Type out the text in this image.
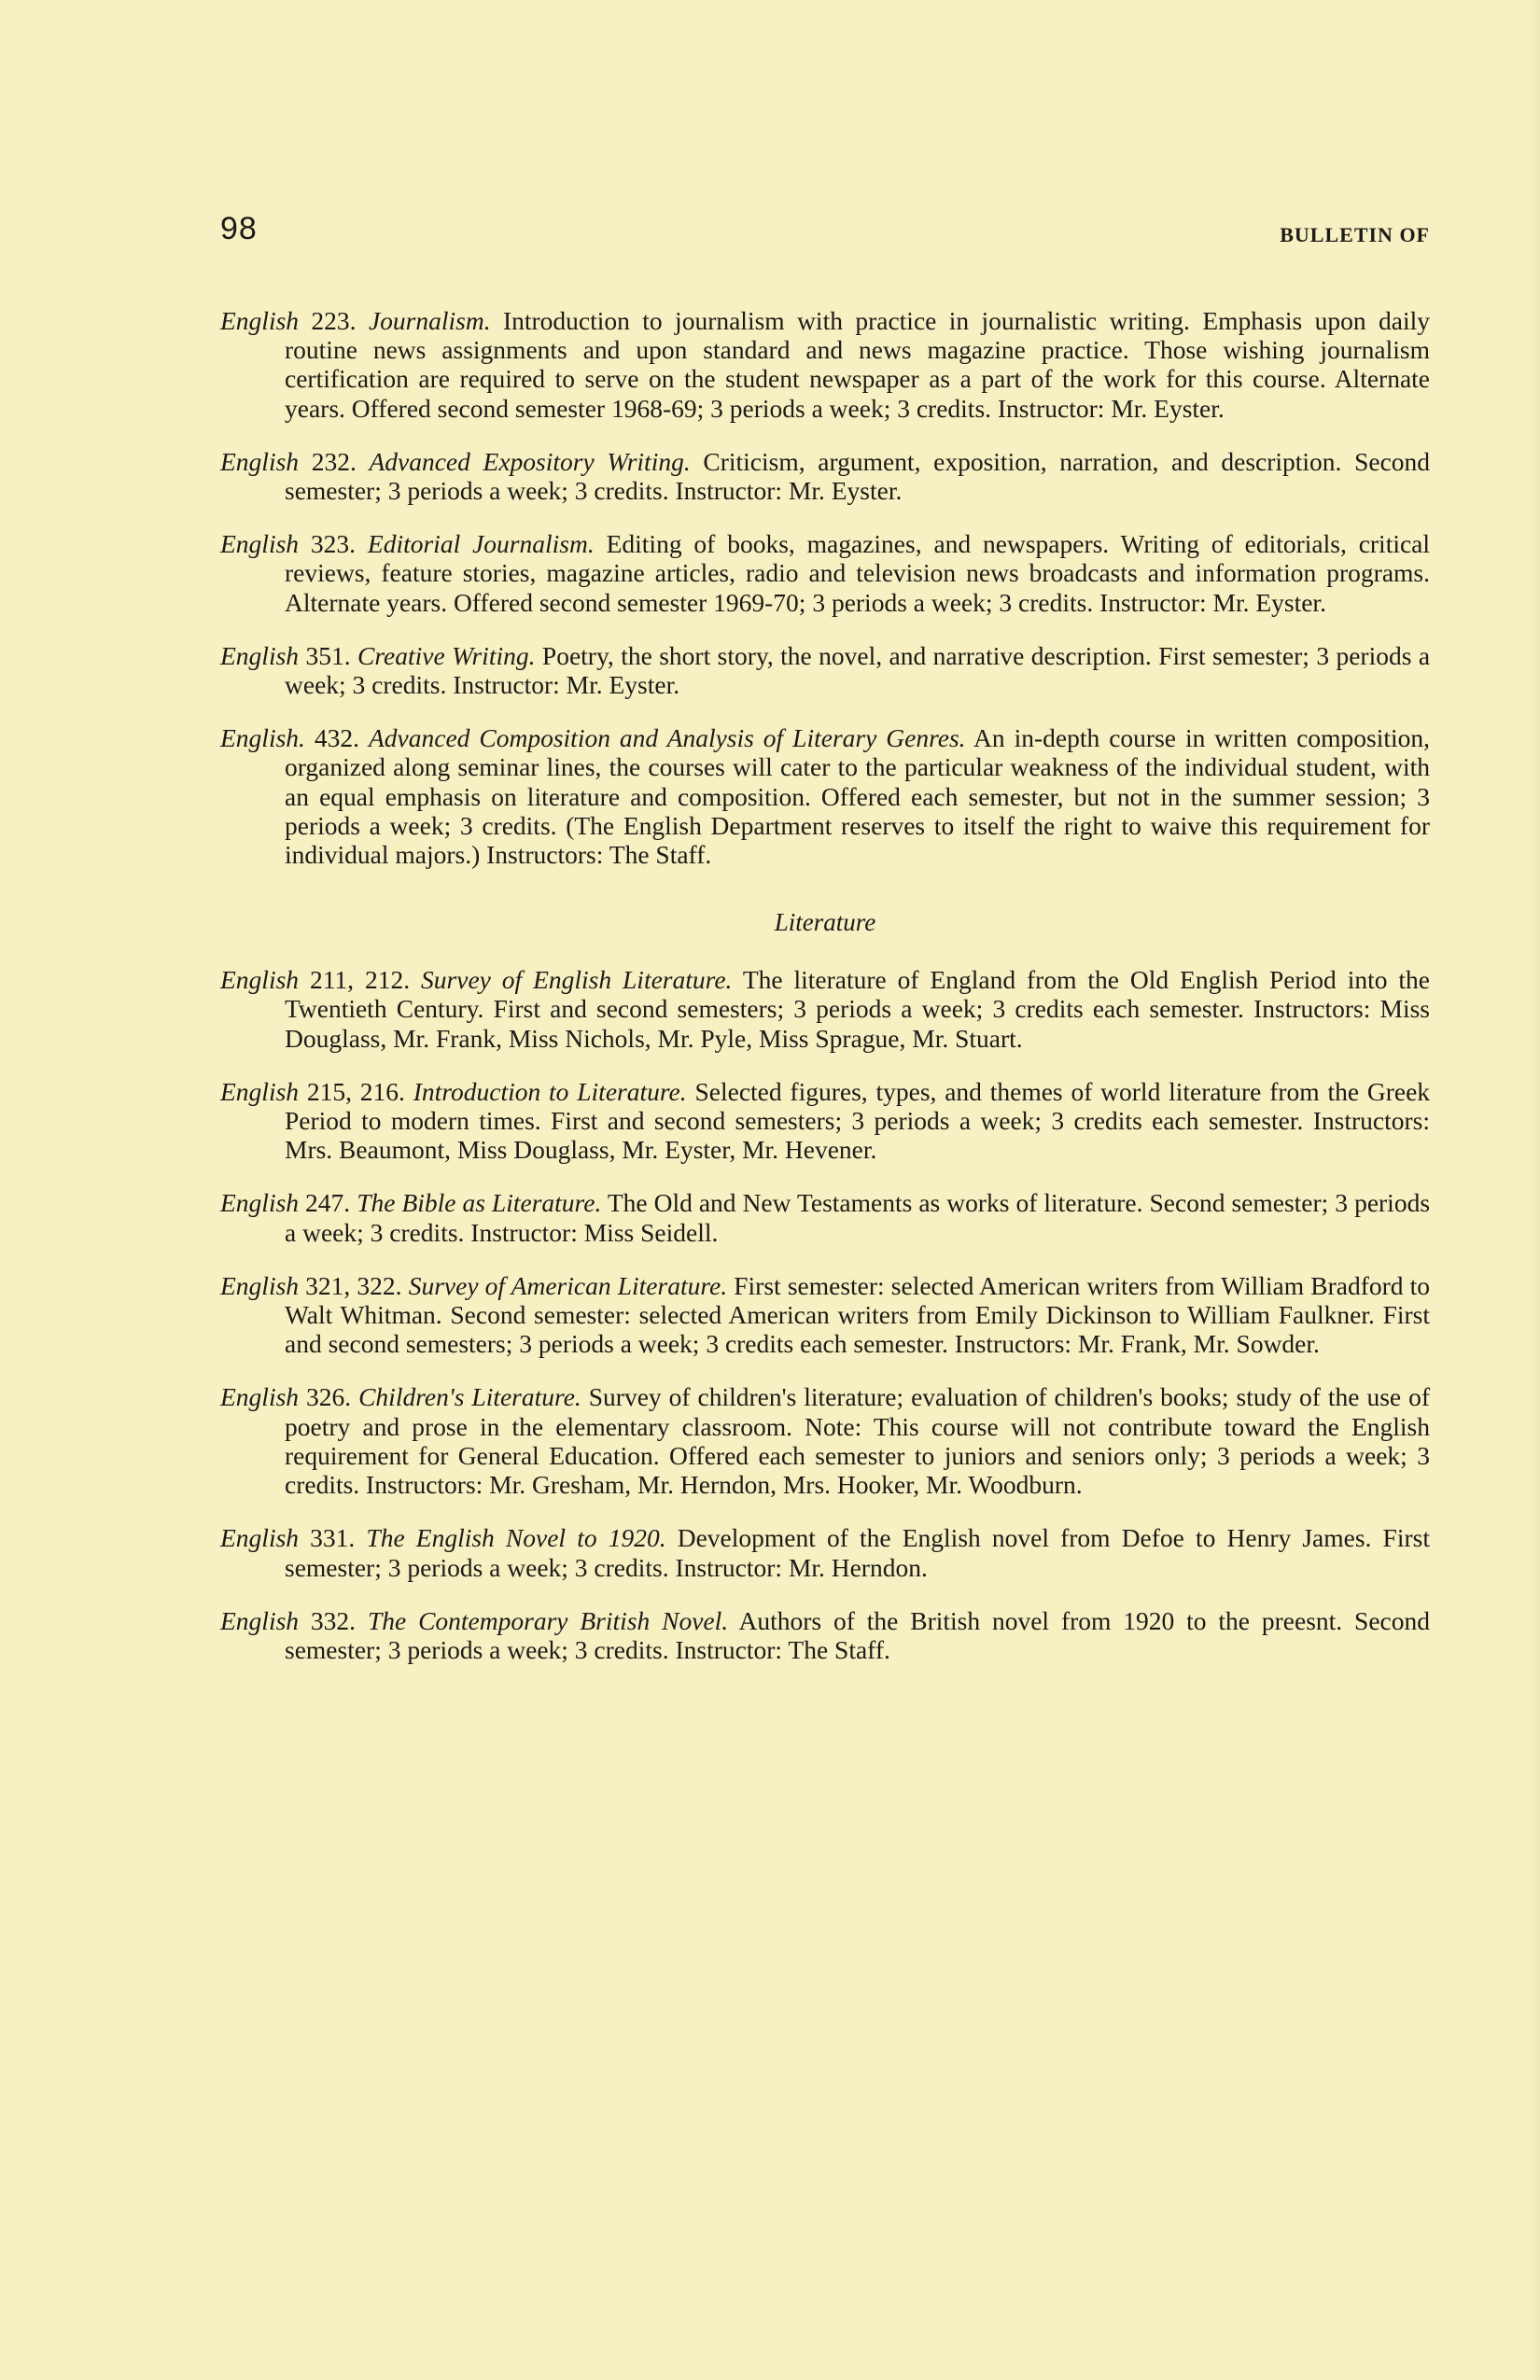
98	BULLETIN OF

English 223. Journalism. Introduction to journalism with practice in journalistic writing. Emphasis upon daily routine news assignments and upon standard and news magazine practice. Those wishing journalism certification are required to serve on the student newspaper as a part of the work for this course. Alternate years. Offered second semester 1968-69; 3 periods a week; 3 credits. Instructor: Mr. Eyster.

English 232. Advanced Expository Writing. Criticism, argument, exposition, narration, and description. Second semester; 3 periods a week; 3 credits. Instructor: Mr. Eyster.

English 323. Editorial Journalism. Editing of books, magazines, and newspapers. Writing of editorials, critical reviews, feature stories, magazine articles, radio and television news broadcasts and information programs. Alternate years. Offered second semester 1969-70; 3 periods a week; 3 credits. Instructor: Mr. Eyster.

English 351. Creative Writing. Poetry, the short story, the novel, and narrative description. First semester; 3 periods a week; 3 credits. Instructor: Mr. Eyster.

English. 432. Advanced Composition and Analysis of Literary Genres. An in-depth course in written composition, organized along seminar lines, the courses will cater to the particular weakness of the individual student, with an equal emphasis on literature and composition. Offered each semester, but not in the summer session; 3 periods a week; 3 credits. (The English Department reserves to itself the right to waive this requirement for individual majors.) Instructors: The Staff.

Literature

English 211, 212. Survey of English Literature. The literature of England from the Old English Period into the Twentieth Century. First and second semesters; 3 periods a week; 3 credits each semester. Instructors: Miss Douglass, Mr. Frank, Miss Nichols, Mr. Pyle, Miss Sprague, Mr. Stuart.

English 215, 216. Introduction to Literature. Selected figures, types, and themes of world literature from the Greek Period to modern times. First and second semesters; 3 periods a week; 3 credits each semester. Instructors: Mrs. Beaumont, Miss Douglass, Mr. Eyster, Mr. Hevener.

English 247. The Bible as Literature. The Old and New Testaments as works of literature. Second semester; 3 periods a week; 3 credits. Instructor: Miss Seidell.

English 321, 322. Survey of American Literature. First semester: selected American writers from William Bradford to Walt Whitman. Second semester: selected American writers from Emily Dickinson to William Faulkner. First and second semesters; 3 periods a week; 3 credits each semester. Instructors: Mr. Frank, Mr. Sowder.

English 326. Children's Literature. Survey of children's literature; evaluation of children's books; study of the use of poetry and prose in the elementary classroom. Note: This course will not contribute toward the English requirement for General Education. Offered each semester to juniors and seniors only; 3 periods a week; 3 credits. Instructors: Mr. Gresham, Mr. Herndon, Mrs. Hooker, Mr. Woodburn.

English 331. The English Novel to 1920. Development of the English novel from Defoe to Henry James. First semester; 3 periods a week; 3 credits. Instructor: Mr. Herndon.

English 332. The Contemporary British Novel. Authors of the British novel from 1920 to the preesnt. Second semester; 3 periods a week; 3 credits. Instructor: The Staff.
